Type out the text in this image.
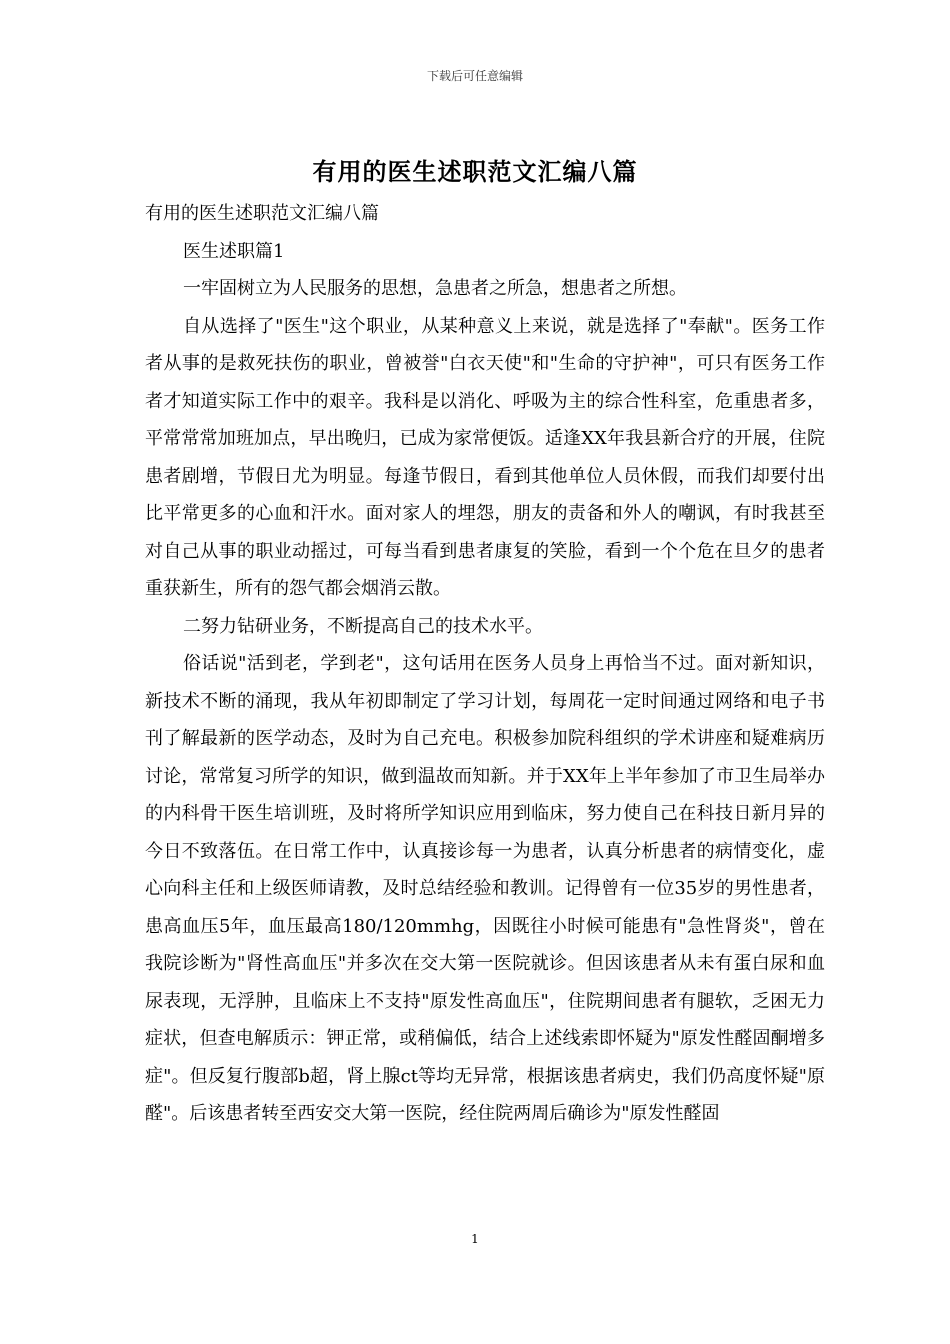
下载后可任意编辑
有用的医生述职范文汇编八篇

有用的医生述职范文汇编八篇

医生述职篇1

一牢固树立为人民服务的思想，急患者之所急，想患者之所想。

自从选择了"医生"这个职业，从某种意义上来说，就是选择了"奉献"。医务工作者从事的是救死扶伤的职业，曾被誉"白衣天使"和"生命的守护神"，可只有医务工作者才知道实际工作中的艰辛。我科是以消化、呼吸为主的综合性科室，危重患者多，平常常常加班加点，早出晚归，已成为家常便饭。适逢XX年我县新合疗的开展，住院患者剧增，节假日尤为明显。每逢节假日，看到其他单位人员休假，而我们却要付出比平常更多的心血和汗水。面对家人的埋怨，朋友的责备和外人的嘲讽，有时我甚至对自己从事的职业动摇过，可每当看到患者康复的笑脸，看到一个个危在旦夕的患者重获新生，所有的怨气都会烟消云散。

二努力钻研业务，不断提高自己的技术水平。

俗话说"活到老，学到老"，这句话用在医务人员身上再恰当不过。面对新知识，新技术不断的涌现，我从年初即制定了学习计划，每周花一定时间通过网络和电子书刊了解最新的医学动态，及时为自己充电。积极参加院科组织的学术讲座和疑难病历讨论，常常复习所学的知识，做到温故而知新。并于XX年上半年参加了市卫生局举办的内科骨干医生培训班，及时将所学知识应用到临床，努力使自己在科技日新月异的今日不致落伍。在日常工作中，认真接诊每一为患者，认真分析患者的病情变化，虚心向科主任和上级医师请教，及时总结经验和教训。记得曾有一位35岁的男性患者，患高血压5年，血压最高180/120mmhg，因既往小时候可能患有"急性肾炎"，曾在我院诊断为"肾性高血压"并多次在交大第一医院就诊。但因该患者从未有蛋白尿和血尿表现，无浮肿，且临床上不支持"原发性高血压"，住院期间患者有腿软，乏困无力症状，但查电解质示：钾正常，或稍偏低，结合上述线索即怀疑为"原发性醛固酮增多症"。但反复行腹部b超，肾上腺ct等均无异常，根据该患者病史，我们仍高度怀疑"原醛"。后该患者转至西安交大第一医院，经住院两周后确诊为"原发性醛固

1
